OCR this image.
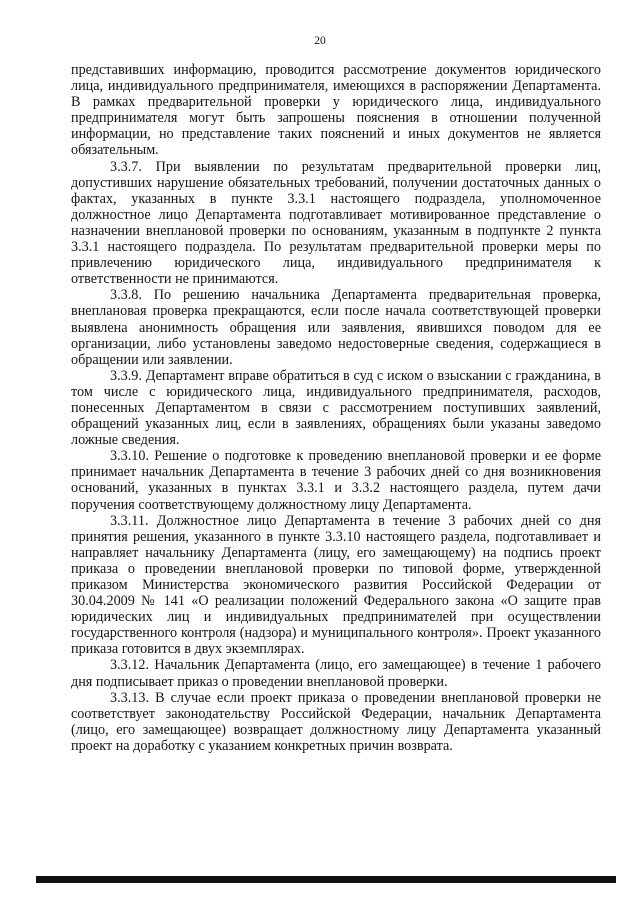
20

представивших информацию, проводится рассмотрение документов юридического лица, индивидуального предпринимателя, имеющихся в распоряжении Департамента. В рамках предварительной проверки у юридического лица, индивидуального предпринимателя могут быть запрошены пояснения в отношении полученной информации, но представление таких пояснений и иных документов не является обязательным.

3.3.7. При выявлении по результатам предварительной проверки лиц, допустивших нарушение обязательных требований, получении достаточных данных о фактах, указанных в пункте 3.3.1 настоящего подраздела, уполномоченное должностное лицо Департамента подготавливает мотивированное представление о назначении внеплановой проверки по основаниям, указанным в подпункте 2 пункта 3.3.1 настоящего подраздела. По результатам предварительной проверки меры по привлечению юридического лица, индивидуального предпринимателя к ответственности не принимаются.

3.3.8. По решению начальника Департамента предварительная проверка, внеплановая проверка прекращаются, если после начала соответствующей проверки выявлена анонимность обращения или заявления, явившихся поводом для ее организации, либо установлены заведомо недостоверные сведения, содержащиеся в обращении или заявлении.

3.3.9. Департамент вправе обратиться в суд с иском о взыскании с гражданина, в том числе с юридического лица, индивидуального предпринимателя, расходов, понесенных Департаментом в связи с рассмотрением поступивших заявлений, обращений указанных лиц, если в заявлениях, обращениях были указаны заведомо ложные сведения.

3.3.10. Решение о подготовке к проведению внеплановой проверки и ее форме принимает начальник Департамента в течение 3 рабочих дней со дня возникновения оснований, указанных в пунктах 3.3.1 и 3.3.2 настоящего раздела, путем дачи поручения соответствующему должностному лицу Департамента.

3.3.11. Должностное лицо Департамента в течение 3 рабочих дней со дня принятия решения, указанного в пункте 3.3.10 настоящего раздела, подготавливает и направляет начальнику Департамента (лицу, его замещающему) на подпись проект приказа о проведении внеплановой проверки по типовой форме, утвержденной приказом Министерства экономического развития Российской Федерации от 30.04.2009 № 141 «О реализации положений Федерального закона «О защите прав юридических лиц и индивидуальных предпринимателей при осуществлении государственного контроля (надзора) и муниципального контроля». Проект указанного приказа готовится в двух экземплярах.

3.3.12. Начальник Департамента (лицо, его замещающее) в течение 1 рабочего дня подписывает приказ о проведении внеплановой проверки.

3.3.13. В случае если проект приказа о проведении внеплановой проверки не соответствует законодательству Российской Федерации, начальник Департамента (лицо, его замещающее) возвращает должностному лицу Департамента указанный проект на доработку с указанием конкретных причин возврата.
